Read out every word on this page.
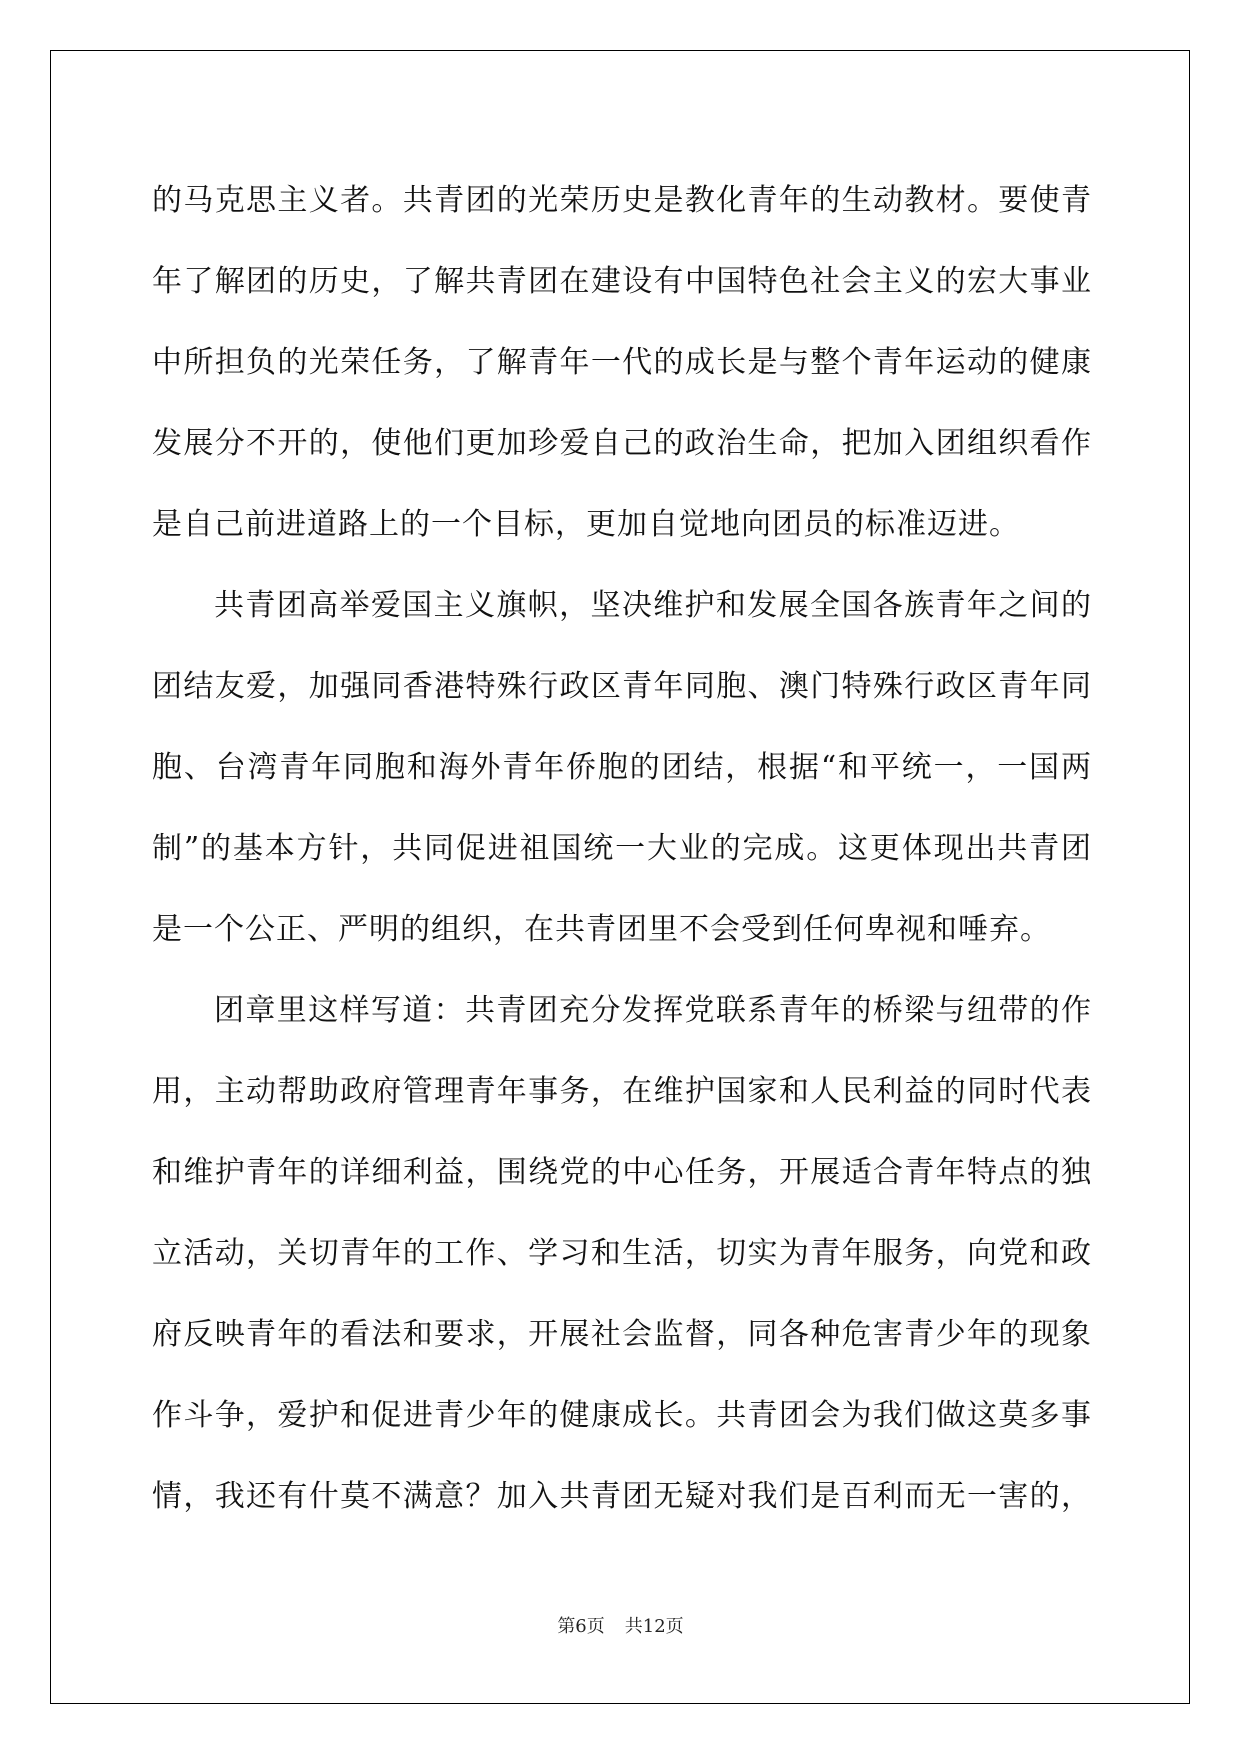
的马克思主义者。共青团的光荣历史是教化青年的生动教材。要使青
年了解团的历史，了解共青团在建设有中国特色社会主义的宏大事业
中所担负的光荣任务，了解青年一代的成长是与整个青年运动的健康
发展分不开的，使他们更加珍爱自己的政治生命，把加入团组织看作
是自己前进道路上的一个目标，更加自觉地向团员的标准迈进。
共青团高举爱国主义旗帜，坚决维护和发展全国各族青年之间的
团结友爱，加强同香港特殊行政区青年同胞、澳门特殊行政区青年同
胞、台湾青年同胞和海外青年侨胞的团结，根据“和平统一，一国两
制”的基本方针，共同促进祖国统一大业的完成。这更体现出共青团
是一个公正、严明的组织，在共青团里不会受到任何卑视和唾弃。
团章里这样写道：共青团充分发挥党联系青年的桥梁与纽带的作
用，主动帮助政府管理青年事务，在维护国家和人民利益的同时代表
和维护青年的详细利益，围绕党的中心任务，开展适合青年特点的独
立活动，关切青年的工作、学习和生活，切实为青年服务，向党和政
府反映青年的看法和要求，开展社会监督，同各种危害青少年的现象
作斗争，爱护和促进青少年的健康成长。共青团会为我们做这莫多事
情，我还有什莫不满意？加入共青团无疑对我们是百利而无一害的，
第6页 共12页
